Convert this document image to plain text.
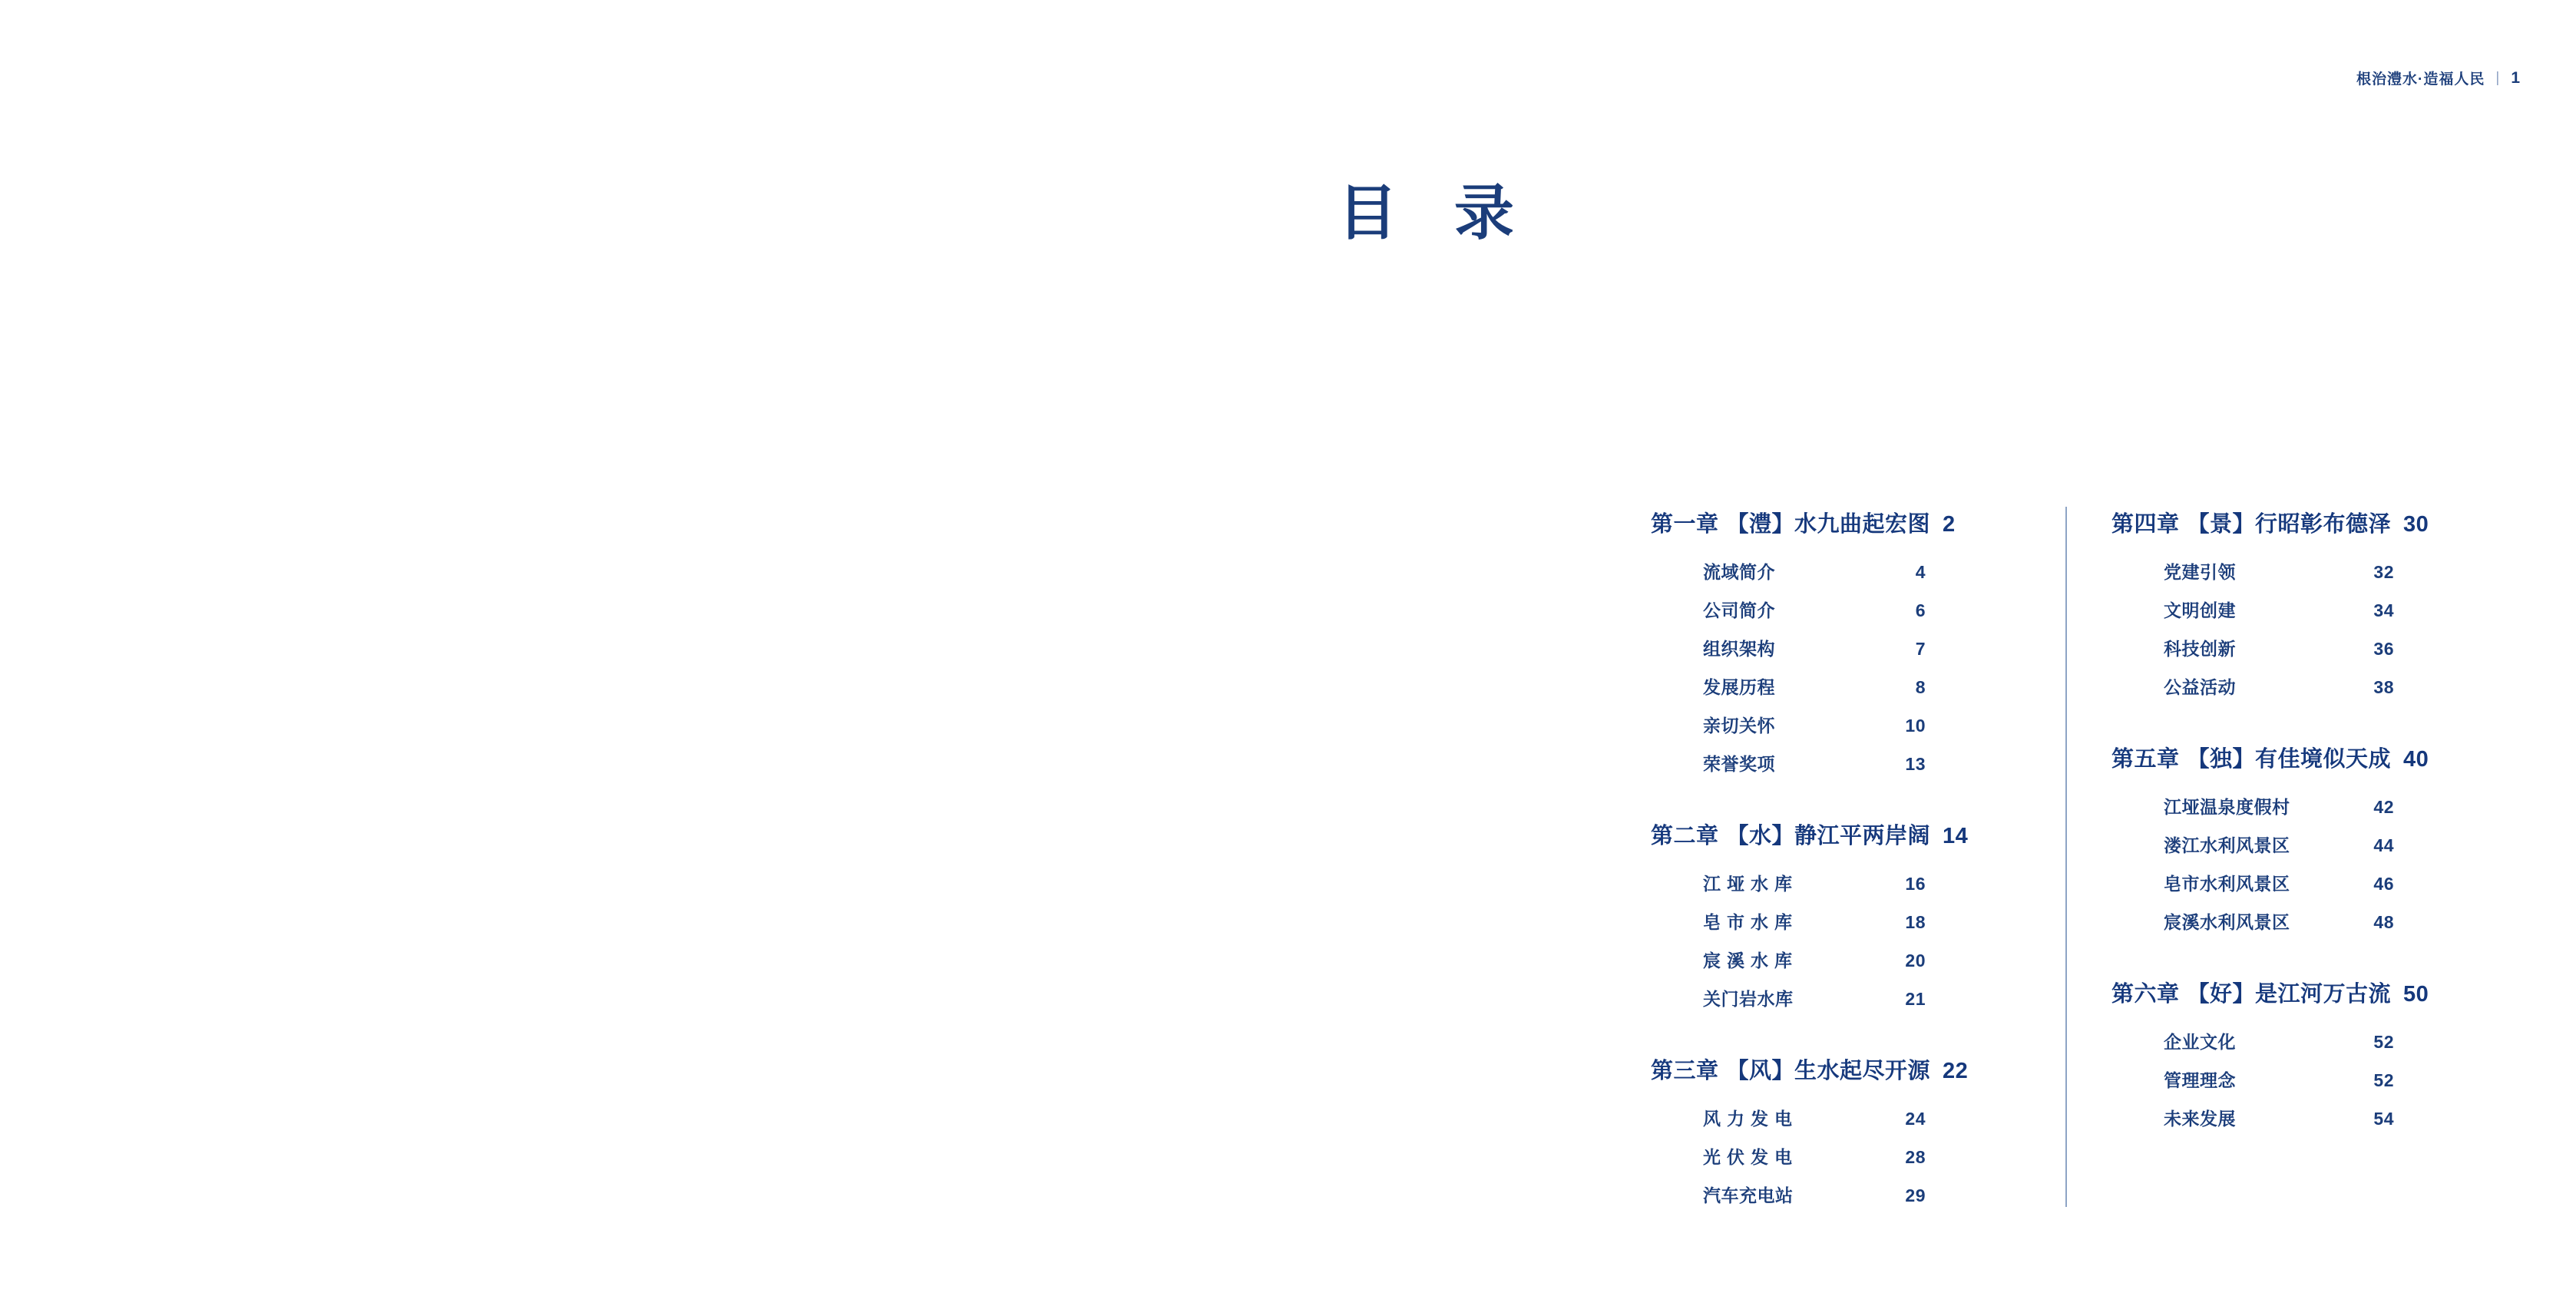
根治澧水·造福人民 | 1
目 录
第一章 【澧】水九曲起宏图 2
流域简介	4
公司简介	6
组织架构	7
发展历程	8
亲切关怀	10
荣誉奖项	13
第二章 【水】静江平两岸阔 14
江垭水库	16
皂市水库	18
宸溪水库	20
关门岩水库	21
第三章 【风】生水起尽开源 22
风力发电	24
光伏发电	28
汽车充电站	29
第四章 【景】行昭彰布德泽 30
党建引领	32
文明创建	34
科技创新	36
公益活动	38
第五章 【独】有佳境似天成 40
江垭温泉度假村	42
溇江水利风景区	44
皂市水利风景区	46
宸溪水利风景区	48
第六章 【好】是江河万古流 50
企业文化	52
管理理念	52
未来发展	54
